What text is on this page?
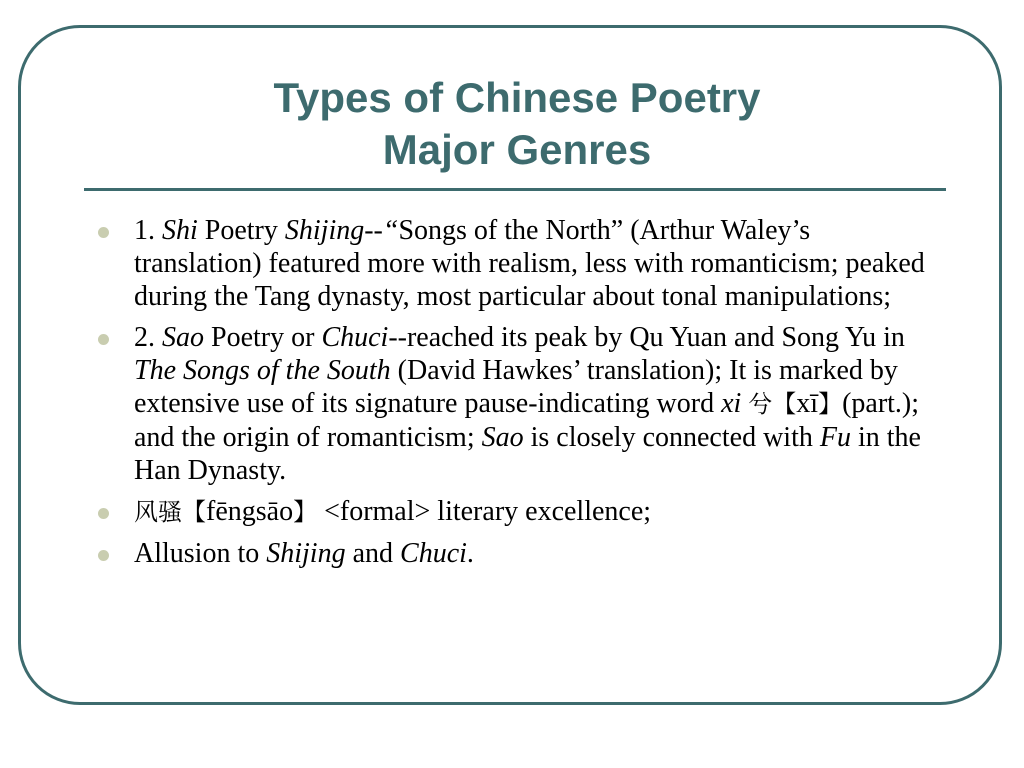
Types of Chinese Poetry
Major Genres
1. Shi Poetry Shijing--“Songs of the North” (Arthur Waley’s translation) featured more with realism, less with romanticism; peaked during the Tang dynasty, most particular about tonal manipulations;
2. Sao Poetry or Chuci--reached its peak by Qu Yuan and Song Yu in The Songs of the South (David Hawkes’ translation); It is marked by extensive use of its signature pause-indicating word xi 兮【xī】(part.); and the origin of romanticism; Sao is closely connected with Fu in the Han Dynasty.
风骚【fēngsāo】 <formal> literary excellence;
Allusion to Shijing and Chuci.
